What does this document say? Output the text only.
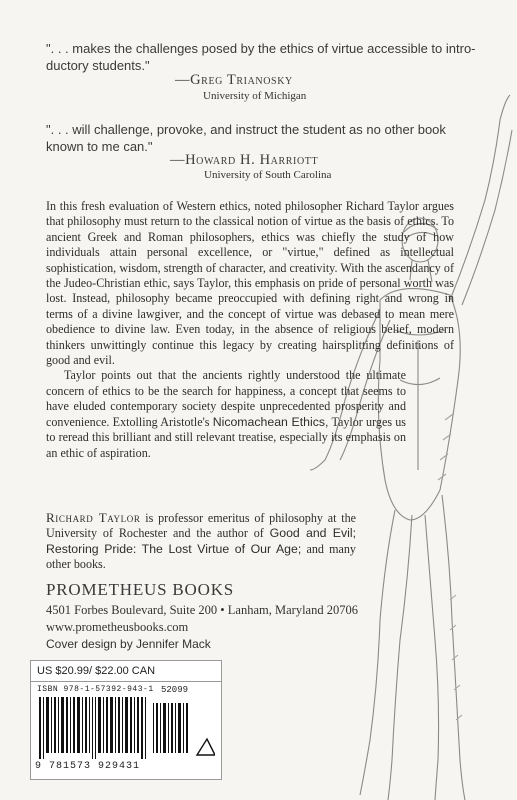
". . . makes the challenges posed by the ethics of virtue accessible to intro-ductory students."
—Greg Trianosky
University of Michigan
". . . will challenge, provoke, and instruct the student as no other book known to me can."
—Howard H. Harriott
University of South Carolina
In this fresh evaluation of Western ethics, noted philosopher Richard Taylor argues that philosophy must return to the classical notion of virtue as the basis of ethics. To ancient Greek and Roman philosophers, ethics was chiefly the study of how individuals attain personal excellence, or "virtue," defined as intellectual sophistication, wisdom, strength of character, and creativity. With the ascendancy of the Judeo-Christian ethic, says Taylor, this emphasis on pride of personal worth was lost. Instead, philosophy became preoccupied with defining right and wrong in terms of a divine lawgiver, and the concept of virtue was debased to mean mere obedience to divine law. Even today, in the absence of religious belief, modern thinkers unwittingly continue this legacy by creating hairsplitting definitions of good and evil.
Taylor points out that the ancients rightly understood the ultimate concern of ethics to be the search for happiness, a concept that seems to have eluded contemporary society despite unprecedented prosperity and convenience. Extolling Aristotle's Nicomachean Ethics, Taylor urges us to reread this brilliant and still relevant treatise, especially its emphasis on an ethic of aspiration.
Richard Taylor is professor emeritus of philosophy at the University of Rochester and the author of Good and Evil; Restoring Pride: The Lost Virtue of Our Age; and many other books.
PROMETHEUS BOOKS
4501 Forbes Boulevard, Suite 200 • Lanham, Maryland 20706
www.prometheusbooks.com
Cover design by Jennifer Mack
US $20.99/ $22.00 CAN
ISBN 978-1-57392-943-1 52099
9 781573 929431
